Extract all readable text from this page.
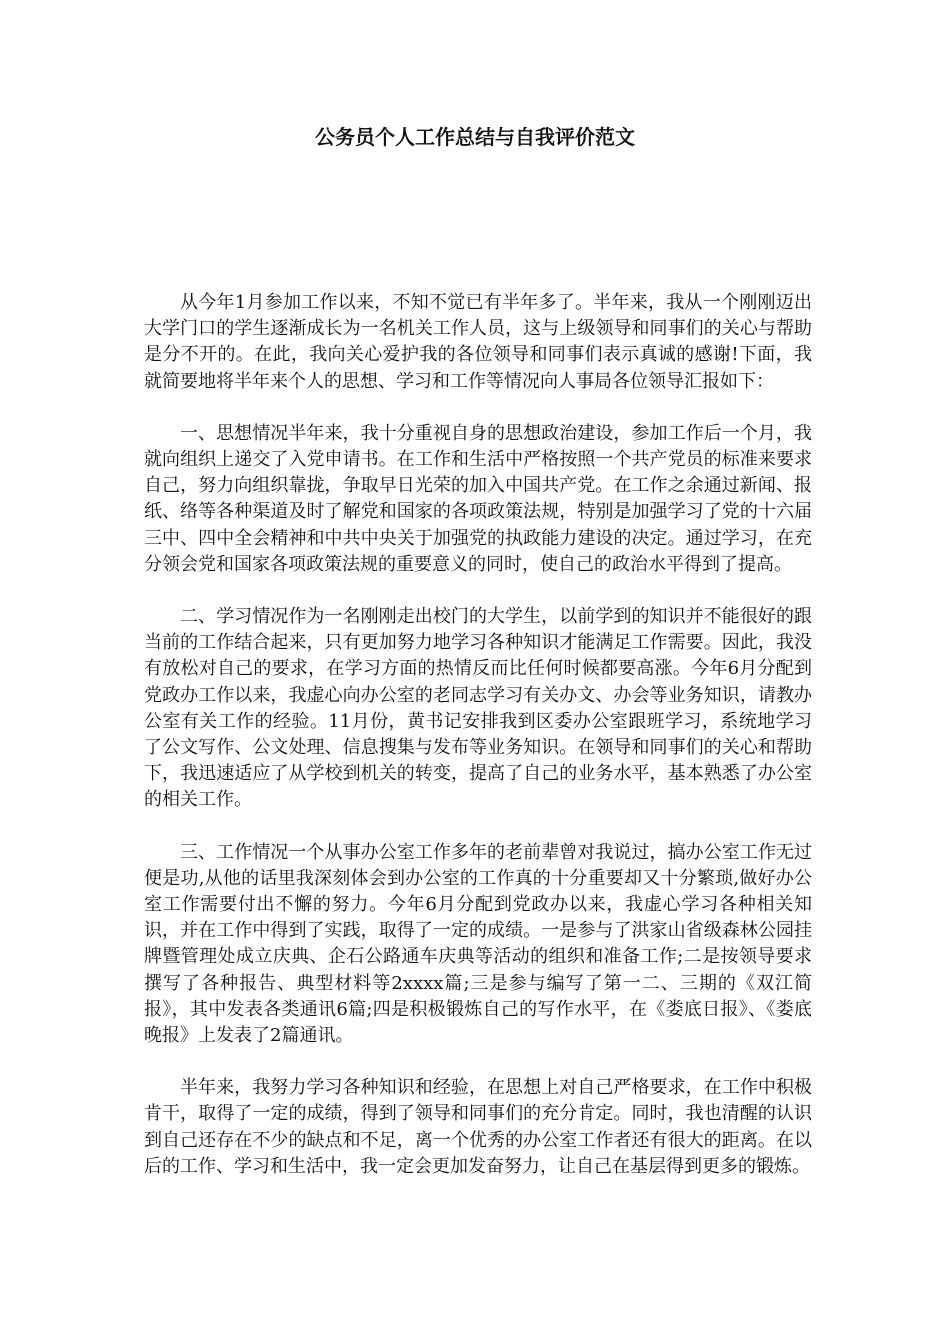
公务员个人工作总结与自我评价范文

从今年1月参加工作以来，不知不觉已有半年多了。半年来，我从一个刚刚迈出大学门口的学生逐渐成长为一名机关工作人员，这与上级领导和同事们的关心与帮助是分不开的。在此，我向关心爱护我的各位领导和同事们表示真诚的感谢!下面，我就简要地将半年来个人的思想、学习和工作等情况向人事局各位领导汇报如下：

一、思想情况半年来，我十分重视自身的思想政治建设，参加工作后一个月，我就向组织上递交了入党申请书。在工作和生活中严格按照一个共产党员的标准来要求自己，努力向组织靠拢，争取早日光荣的加入中国共产党。在工作之余通过新闻、报纸、络等各种渠道及时了解党和国家的各项政策法规，特别是加强学习了党的十六届三中、四中全会精神和中共中央关于加强党的执政能力建设的决定。通过学习，在充分领会党和国家各项政策法规的重要意义的同时，使自己的政治水平得到了提高。

二、学习情况作为一名刚刚走出校门的大学生，以前学到的知识并不能很好的跟当前的工作结合起来，只有更加努力地学习各种知识才能满足工作需要。因此，我没有放松对自己的要求，在学习方面的热情反而比任何时候都要高涨。今年6月分配到党政办工作以来，我虚心向办公室的老同志学习有关办文、办会等业务知识，请教办公室有关工作的经验。11月份，黄书记安排我到区委办公室跟班学习，系统地学习了公文写作、公文处理、信息搜集与发布等业务知识。在领导和同事们的关心和帮助下，我迅速适应了从学校到机关的转变，提高了自己的业务水平，基本熟悉了办公室的相关工作。

三、工作情况一个从事办公室工作多年的老前辈曾对我说过，搞办公室工作无过便是功,从他的话里我深刻体会到办公室的工作真的十分重要却又十分繁琐,做好办公室工作需要付出不懈的努力。今年6月分配到党政办以来，我虚心学习各种相关知识，并在工作中得到了实践，取得了一定的成绩。一是参与了洪家山省级森林公园挂牌暨管理处成立庆典、企石公路通车庆典等活动的组织和准备工作;二是按领导要求撰写了各种报告、典型材料等2xxxx篇;三是参与编写了第一二、三期的《双江简报》，其中发表各类通讯6篇;四是积极锻炼自己的写作水平，在《娄底日报》、《娄底晚报》上发表了2篇通讯。

半年来，我努力学习各种知识和经验，在思想上对自己严格要求，在工作中积极肯干，取得了一定的成绩，得到了领导和同事们的充分肯定。同时，我也清醒的认识到自己还存在不少的缺点和不足，离一个优秀的办公室工作者还有很大的距离。在以后的工作、学习和生活中，我一定会更加发奋努力，让自己在基层得到更多的锻炼。
